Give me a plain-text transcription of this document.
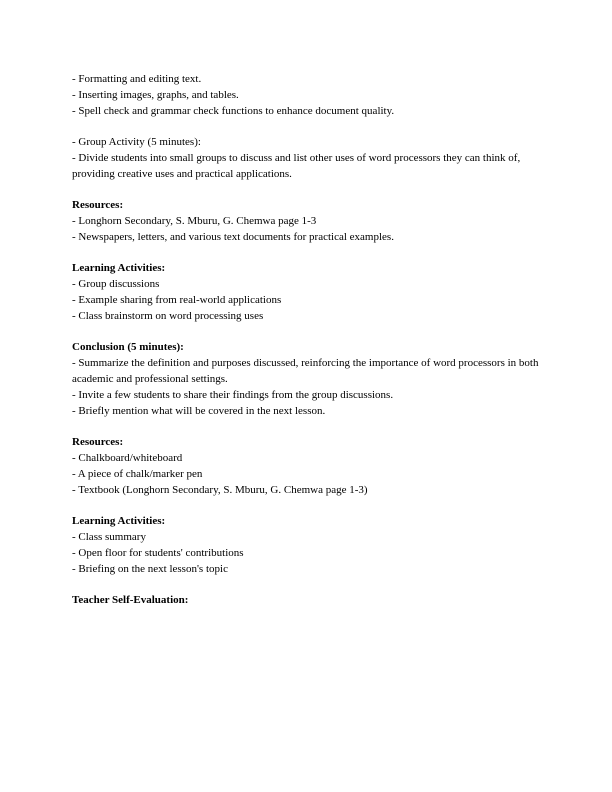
- Formatting and editing text.

- Inserting images, graphs, and tables.

- Spell check and grammar check functions to enhance document quality.

- Group Activity (5 minutes):

- Divide students into small groups to discuss and list other uses of word processors they can think of, providing creative uses and practical applications.

Resources:

- Longhorn Secondary, S. Mburu, G. Chemwa page 1-3

- Newspapers, letters, and various text documents for practical examples.

Learning Activities:

- Group discussions

- Example sharing from real-world applications

- Class brainstorm on word processing uses

Conclusion (5 minutes):

- Summarize the definition and purposes discussed, reinforcing the importance of word processors in both academic and professional settings.

- Invite a few students to share their findings from the group discussions.

- Briefly mention what will be covered in the next lesson.

Resources:

- Chalkboard/whiteboard

- A piece of chalk/marker pen

- Textbook (Longhorn Secondary, S. Mburu, G. Chemwa page 1-3)

Learning Activities:

- Class summary

- Open floor for students' contributions

- Briefing on the next lesson's topic

Teacher Self-Evaluation:
